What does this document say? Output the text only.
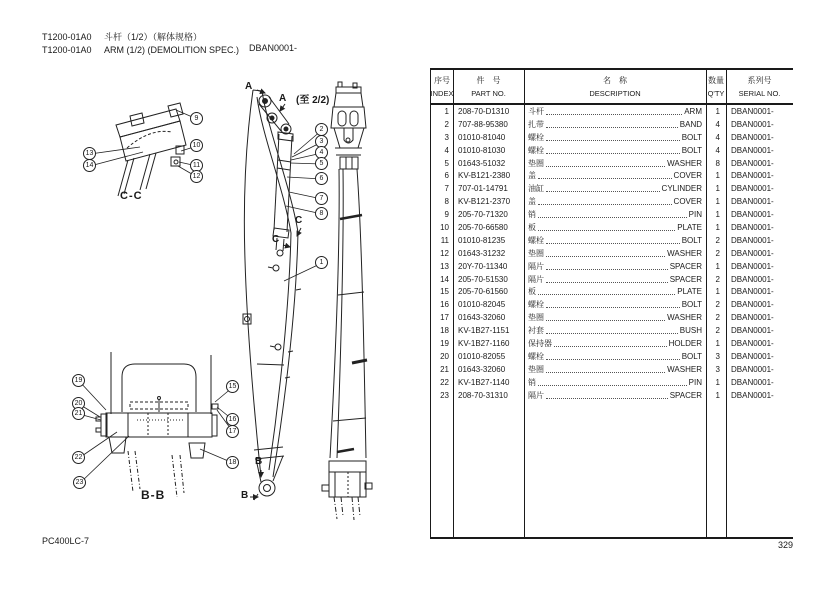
T1200-01A0 斗杆（1/2）（解体规格）
T1200-01A0 ARM (1/2) (DEMOLITION SPEC.) DBAN0001-
C-C
B-B
A
A (至 2/2)
C
C
B
B
1
2
3
4
5
6
7
8
9
10
11
12
13
14
15
16
17
18
19
20
21
22
23
序号
INDEX
件　号
PART NO.
名　称
DESCRIPTION
数量
Q'TY
系列号
SERIAL NO.
1	208-70-D1310	斗杆	ARM	1	DBAN0001-
2	707-88-95380	扎带	BAND	4	DBAN0001-
3	01010-81040	螺栓	BOLT	4	DBAN0001-
4	01010-81030	螺栓	BOLT	4	DBAN0001-
5	01643-51032	垫圈	WASHER	8	DBAN0001-
6	KV-B121-2380	盖	COVER	1	DBAN0001-
7	707-01-14791	油缸	CYLINDER	1	DBAN0001-
8	KV-B121-2370	盖	COVER	1	DBAN0001-
9	205-70-71320	销	PIN	1	DBAN0001-
10	205-70-66580	板	PLATE	1	DBAN0001-
11	01010-81235	螺栓	BOLT	2	DBAN0001-
12	01643-31232	垫圈	WASHER	2	DBAN0001-
13	20Y-70-11340	隔片	SPACER	1	DBAN0001-
14	205-70-51530	隔片	SPACER	2	DBAN0001-
15	205-70-61560	板	PLATE	1	DBAN0001-
16	01010-82045	螺栓	BOLT	2	DBAN0001-
17	01643-32060	垫圈	WASHER	2	DBAN0001-
18	KV-1B27-1151	衬套	BUSH	2	DBAN0001-
19	KV-1B27-1160	保持器	HOLDER	1	DBAN0001-
20	01010-82055	螺栓	BOLT	3	DBAN0001-
21	01643-32060	垫圈	WASHER	3	DBAN0001-
22	KV-1B27-1140	销	PIN	1	DBAN0001-
23	208-70-31310	隔片	SPACER	1	DBAN0001-
PC400LC-7	329
